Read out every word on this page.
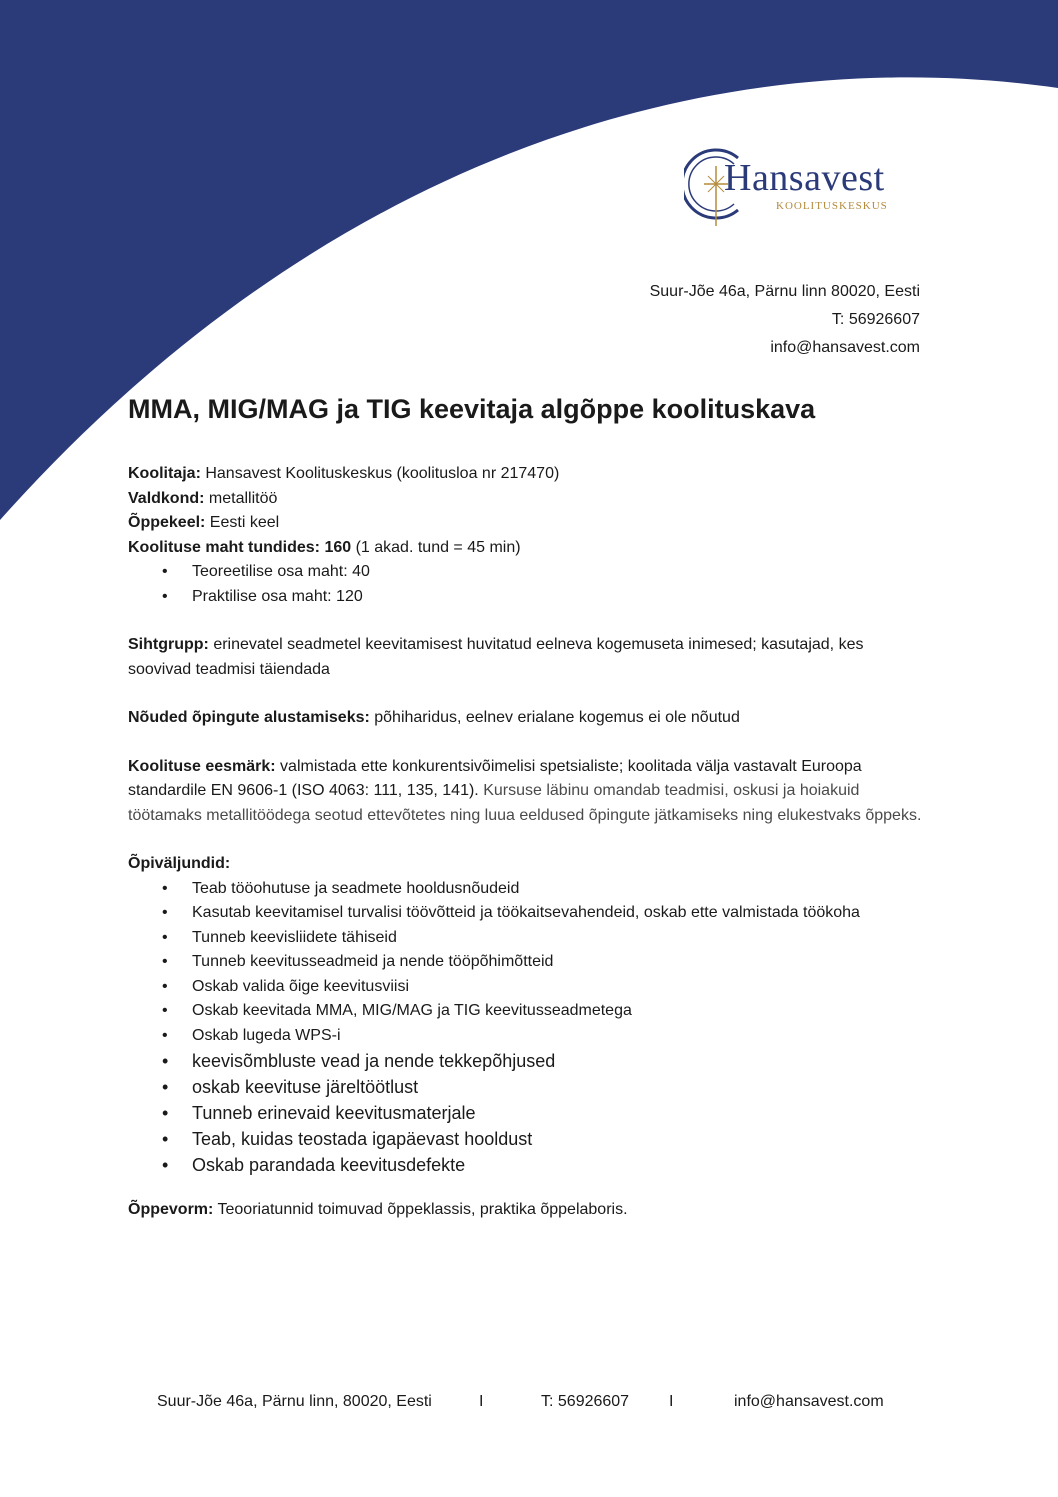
Hansavest
KOOLITUSKESKUS
Suur-Jõe 46a, Pärnu linn 80020, Eesti
T: 56926607
info@hansavest.com
MMA, MIG/MAG ja TIG keevitaja algõppe koolituskava

Koolitaja: Hansavest Koolituskeskus (koolitusloa nr 217470)

Valdkond: metallitöö

Õppekeel: Eesti keel

Koolituse maht tundides: 160 (1 akad. tund = 45 min)

• Teoreetilise osa maht: 40
• Praktilise osa maht: 120

Sihtgrupp: erinevatel seadmetel keevitamisest huvitatud eelneva kogemuseta inimesed; kasutajad, kes soovivad teadmisi täiendada

Nõuded õpingute alustamiseks: põhiharidus, eelnev erialane kogemus ei ole nõutud

Koolituse eesmärk: valmistada ette konkurentsivõimelisi spetsialiste; koolitada välja vastavalt Euroopa standardile EN 9606-1 (ISO 4063: 111, 135, 141). Kursuse läbinu omandab teadmisi, oskusi ja hoiakuid töötamaks metallitöödega seotud ettevõtetes ning luua eeldused õpingute jätkamiseks ning elukestvaks õppeks.

Õpiväljundid:

• Teab tööohutuse ja seadmete hooldusnõudeid
• Kasutab keevitamisel turvalisi töövõtteid ja töökaitsevahendeid, oskab ette valmistada töökoha
• Tunneb keevisliidete tähiseid
• Tunneb keevitusseadmeid ja nende tööpõhimõtteid
• Oskab valida õige keevitusviisi
• Oskab keevitada MMA, MIG/MAG ja TIG keevitusseadmetega
• Oskab lugeda WPS-i
• keevisõmbluste vead ja nende tekkepõhjused
• oskab keevituse järeltöötlust
• Tunneb erinevaid keevitusmaterjale
• Teab, kuidas teostada igapäevast hooldust
• Oskab parandada keevitusdefekte

Õppevorm: Teooriatunnid toimuvad õppeklassis, praktika õppelaboris.

Suur-Jõe 46a, Pärnu linn, 80020, Eesti	I	T: 56926607 I	info@hansavest.com
